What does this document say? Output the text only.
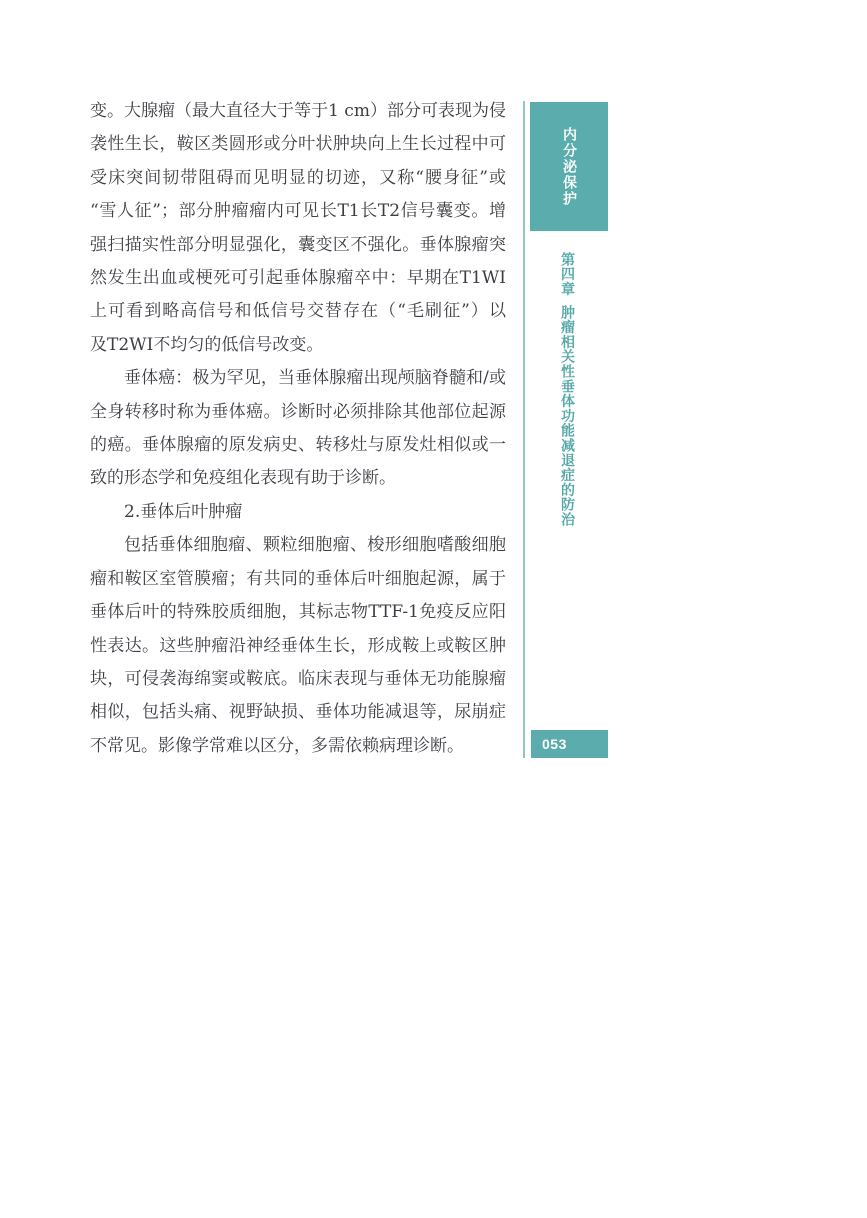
变。大腺瘤（最大直径大于等于1 cm）部分可表现为侵
袭性生长，鞍区类圆形或分叶状肿块向上生长过程中可
受床突间韧带阻碍而见明显的切迹，又称“腰身征”或
“雪人征”；部分肿瘤瘤内可见长T1长T2信号囊变。增
强扫描实性部分明显强化，囊变区不强化。垂体腺瘤突
然发生出血或梗死可引起垂体腺瘤卒中：早期在T1WI
上可看到略高信号和低信号交替存在（“毛刷征”）以
及T2WI不均匀的低信号改变。
垂体癌：极为罕见，当垂体腺瘤出现颅脑脊髓和/或
全身转移时称为垂体癌。诊断时必须排除其他部位起源
的癌。垂体腺瘤的原发病史、转移灶与原发灶相似或一
致的形态学和免疫组化表现有助于诊断。
2.垂体后叶肿瘤
包括垂体细胞瘤、颗粒细胞瘤、梭形细胞嗜酸细胞
瘤和鞍区室管膜瘤；有共同的垂体后叶细胞起源，属于
垂体后叶的特殊胶质细胞，其标志物TTF-1免疫反应阳
性表达。这些肿瘤沿神经垂体生长，形成鞍上或鞍区肿
块，可侵袭海绵窦或鞍底。临床表现与垂体无功能腺瘤
相似，包括头痛、视野缺损、垂体功能减退等，尿崩症
不常见。影像学常难以区分，多需依赖病理诊断。
内分泌保护
第四章
肿瘤相关性垂体功能减退症的防治
053
